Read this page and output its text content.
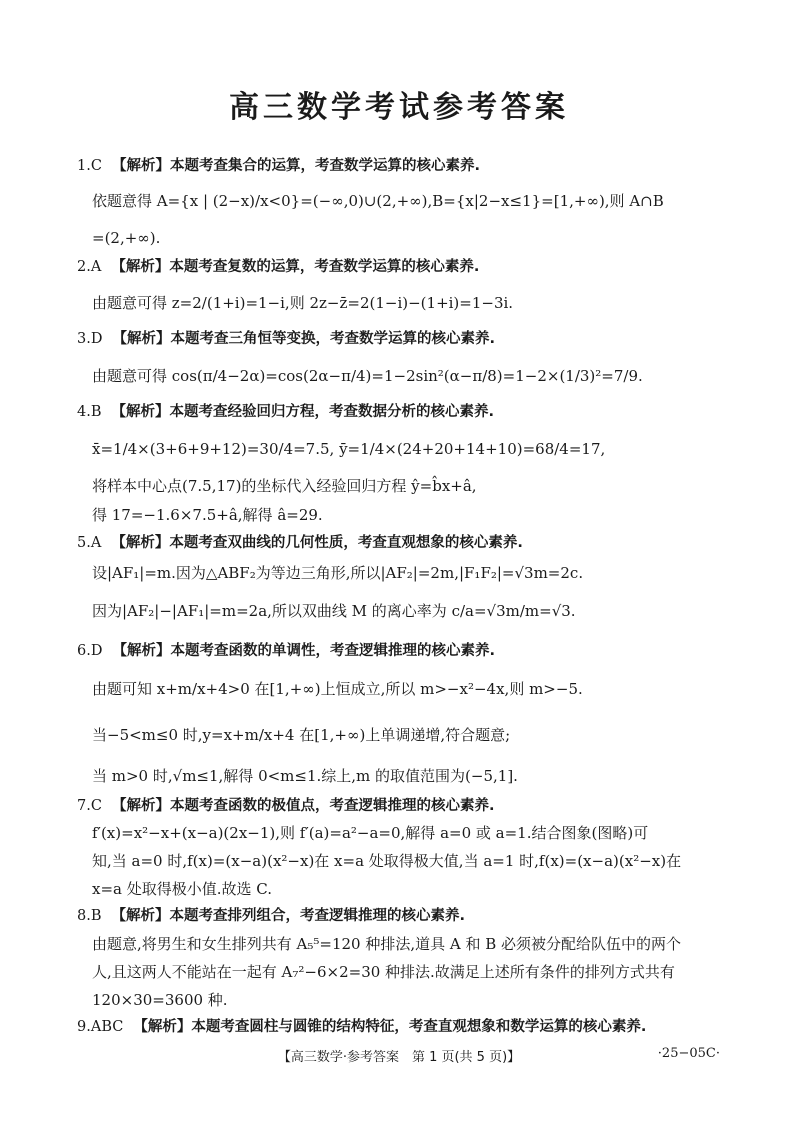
高三数学考试参考答案
1.C 【解析】本题考查集合的运算，考查数学运算的核心素养.
依题意得 A={x | (2−x)/x<0}=(−∞,0)∪(2,+∞),B={x|2−x≤1}=[1,+∞),则 A∩B
=(2,+∞).
2.A 【解析】本题考查复数的运算，考查数学运算的核心素养.
由题意可得 z=2/(1+i)=1−i,则 2z−z̄=2(1−i)−(1+i)=1−3i.
3.D 【解析】本题考查三角恒等变换，考查数学运算的核心素养.
由题意可得 cos(π/4−2α)=cos(2α−π/4)=1−2sin²(α−π/8)=1−2×(1/3)²=7/9.
4.B 【解析】本题考查经验回归方程，考查数据分析的核心素养.
x̄=1/4×(3+6+9+12)=30/4=7.5, ȳ=1/4×(24+20+14+10)=68/4=17,
将样本中心点(7.5,17)的坐标代入经验回归方程 ŷ=b̂x+â,
得 17=−1.6×7.5+â,解得 â=29.
5.A 【解析】本题考查双曲线的几何性质，考查直观想象的核心素养.
设|AF₁|=m.因为△ABF₂为等边三角形,所以|AF₂|=2m,|F₁F₂|=√3m=2c.
因为|AF₂|−|AF₁|=m=2a,所以双曲线 M 的离心率为 c/a=√3m/m=√3.
6.D 【解析】本题考查函数的单调性，考查逻辑推理的核心素养.
由题可知 x+m/x+4>0 在[1,+∞)上恒成立,所以 m>−x²−4x,则 m>−5.
当−5<m≤0 时,y=x+m/x+4 在[1,+∞)上单调递增,符合题意;
当 m>0 时,√m≤1,解得 0<m≤1.综上,m 的取值范围为(−5,1].
7.C 【解析】本题考查函数的极值点，考查逻辑推理的核心素养.
f′(x)=x²−x+(x−a)(2x−1),则 f′(a)=a²−a=0,解得 a=0 或 a=1.结合图象(图略)可
知,当 a=0 时,f(x)=(x−a)(x²−x)在 x=a 处取得极大值,当 a=1 时,f(x)=(x−a)(x²−x)在
x=a 处取得极小值.故选 C.
8.B 【解析】本题考查排列组合，考查逻辑推理的核心素养.
由题意,将男生和女生排列共有 A₅⁵=120 种排法,道具 A 和 B 必须被分配给队伍中的两个
人,且这两人不能站在一起有 A₇²−6×2=30 种排法.故满足上述所有条件的排列方式共有
120×30=3600 种.
9.ABC 【解析】本题考查圆柱与圆锥的结构特征，考查直观想象和数学运算的核心素养.
【高三数学·参考答案　第 1 页(共 5 页)】	·25−05C·
